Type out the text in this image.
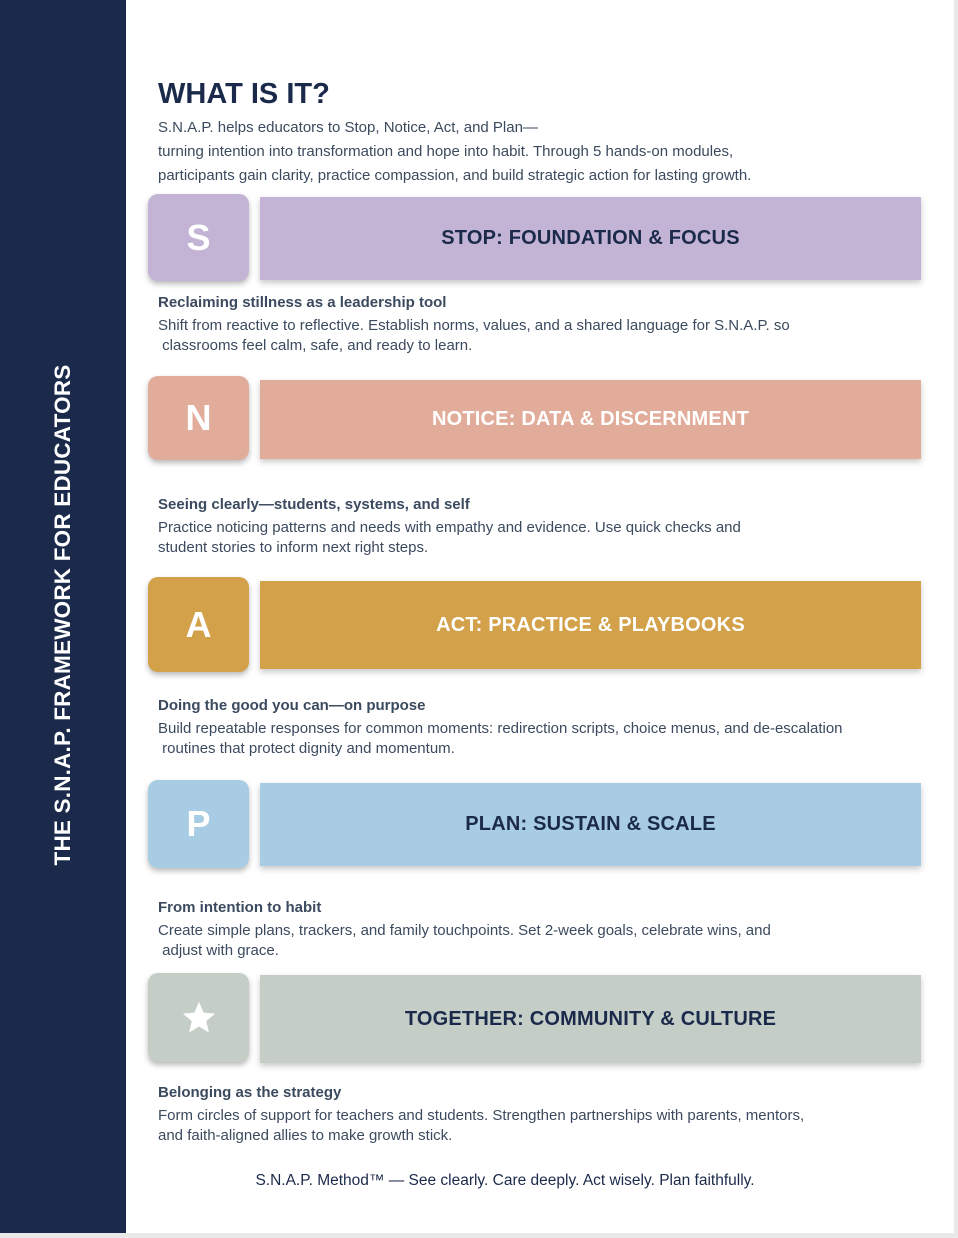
THE S.N.A.P. FRAMEWORK FOR EDUCATORS
WHAT IS IT?
S.N.A.P. helps educators to Stop, Notice, Act, and Plan—
turning intention into transformation and hope into habit. Through 5 hands-on modules,
participants gain clarity, practice compassion, and build strategic action for lasting growth.
S	STOP: FOUNDATION & FOCUS
Reclaiming stillness as a leadership tool
Shift from reactive to reflective. Establish norms, values, and a shared language for S.N.A.P. so
classrooms feel calm, safe, and ready to learn.
N	NOTICE: DATA & DISCERNMENT
Seeing clearly—students, systems, and self
Practice noticing patterns and needs with empathy and evidence. Use quick checks and
student stories to inform next right steps.
A	ACT: PRACTICE & PLAYBOOKS
Doing the good you can—on purpose
Build repeatable responses for common moments: redirection scripts, choice menus, and de-escalation
routines that protect dignity and momentum.
P	PLAN: SUSTAIN & SCALE
From intention to habit
Create simple plans, trackers, and family touchpoints. Set 2-week goals, celebrate wins, and
adjust with grace.
TOGETHER: COMMUNITY & CULTURE
Belonging as the strategy
Form circles of support for teachers and students. Strengthen partnerships with parents, mentors,
and faith-aligned allies to make growth stick.
S.N.A.P. Method™ — See clearly. Care deeply. Act wisely. Plan faithfully.
